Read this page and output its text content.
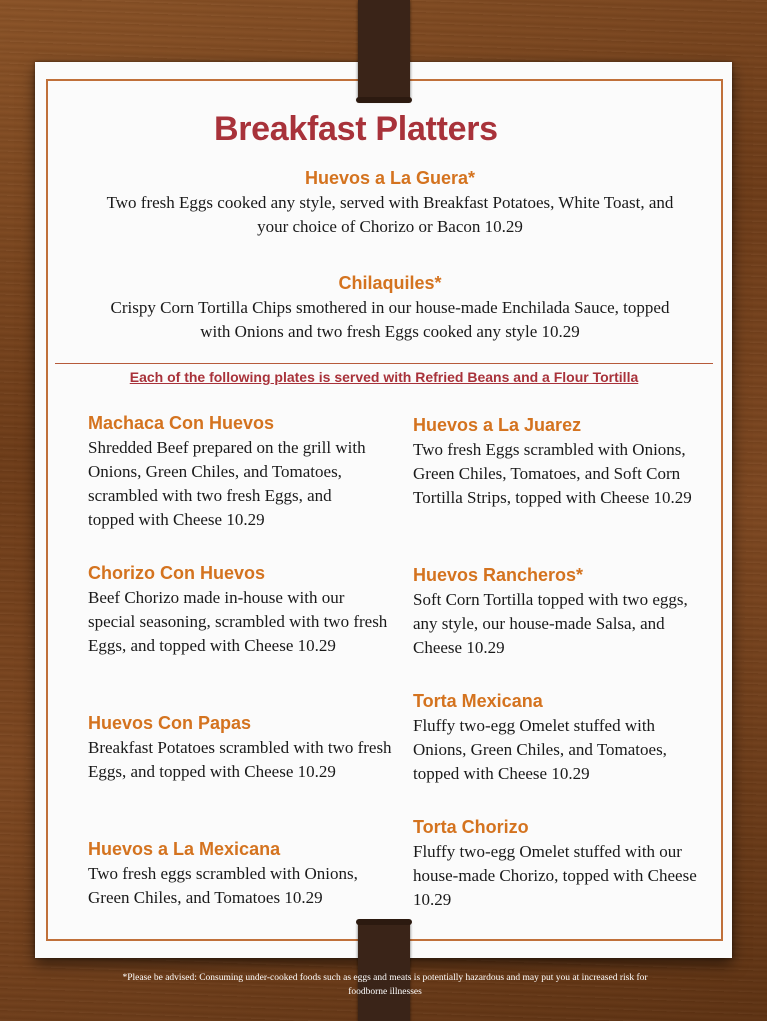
Breakfast Platters
Huevos a La Guera*

Two fresh Eggs cooked any style, served with Breakfast Potatoes, White Toast, and your choice of Chorizo or Bacon 10.29

Chilaquiles*

Crispy Corn Tortilla Chips smothered in our house-made Enchilada Sauce, topped with Onions and two fresh Eggs cooked any style 10.29

Each of the following plates is served with Refried Beans and a Flour Tortilla

Machaca Con Huevos

Shredded Beef prepared on the grill with Onions, Green Chiles, and Tomatoes, scrambled with two fresh Eggs, and topped with Cheese 10.29

Chorizo Con Huevos

Beef Chorizo made in-house with our special seasoning, scrambled with two fresh Eggs, and topped with Cheese 10.29

Huevos Con Papas

Breakfast Potatoes scrambled with two fresh Eggs, and topped with Cheese 10.29

Huevos a La Mexicana

Two fresh eggs scrambled with Onions, Green Chiles, and Tomatoes 10.29

Huevos a La Juarez

Two fresh Eggs scrambled with Onions, Green Chiles, Tomatoes, and Soft Corn Tortilla Strips, topped with Cheese 10.29

Huevos Rancheros*

Soft Corn Tortilla topped with two eggs, any style, our house-made Salsa, and Cheese 10.29

Torta Mexicana

Fluffy two-egg Omelet stuffed with Onions, Green Chiles, and Tomatoes, topped with Cheese 10.29

Torta Chorizo

Fluffy two-egg Omelet stuffed with our house-made Chorizo, topped with Cheese 10.29

*Please be advised: Consuming under-cooked foods such as eggs and meats is potentially hazardous and may put you at increased risk for foodborne illnesses
